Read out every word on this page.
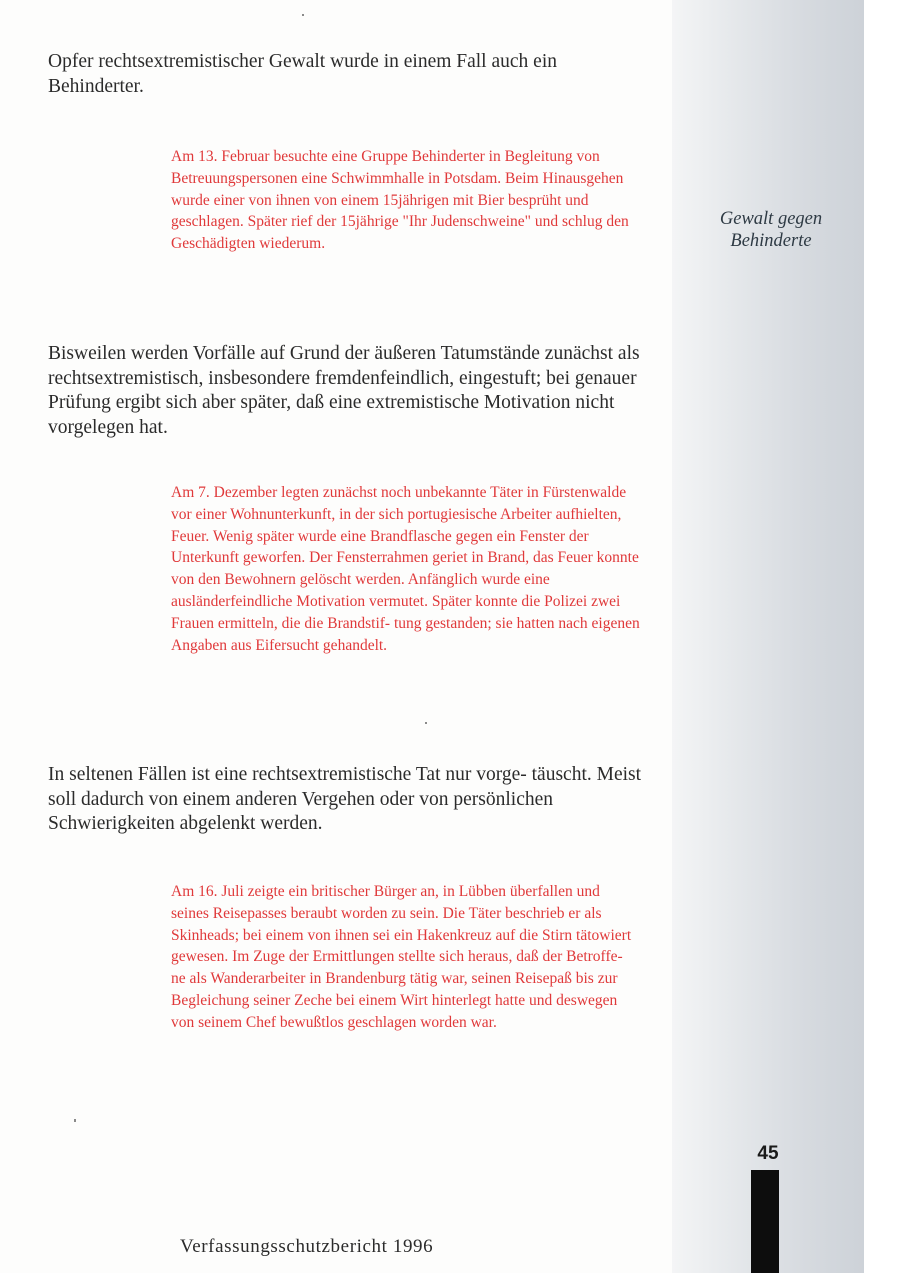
Opfer rechtsextremistischer Gewalt wurde in einem Fall auch ein Behinderter.

Am 13. Februar besuchte eine Gruppe Behinderter in Begleitung von Betreuungspersonen eine Schwimmhalle in Potsdam. Beim Hinausgehen wurde einer von ihnen von einem 15jährigen mit Bier besprüht und geschlagen. Später rief der 15jährige "Ihr Judenschweine" und schlug den Geschädigten wiederum.

Gewalt gegen Behinderte

Bisweilen werden Vorfälle auf Grund der äußeren Tatumstände zunächst als rechtsextremistisch, insbesondere fremdenfeindlich, eingestuft; bei genauer Prüfung ergibt sich aber später, daß eine extremistische Motivation nicht vorgelegen hat.

Am 7. Dezember legten zunächst noch unbekannte Täter in Fürstenwalde vor einer Wohnunterkunft, in der sich portugiesische Arbeiter aufhielten, Feuer. Wenig später wurde eine Brandflasche gegen ein Fenster der Unterkunft geworfen. Der Fensterrahmen geriet in Brand, das Feuer konnte von den Bewohnern gelöscht werden. Anfänglich wurde eine ausländerfeindliche Motivation vermutet. Später konnte die Polizei zwei Frauen ermitteln, die die Brandstif- tung gestanden; sie hatten nach eigenen Angaben aus Eifersucht gehandelt.

In seltenen Fällen ist eine rechtsextremistische Tat nur vorge- täuscht. Meist soll dadurch von einem anderen Vergehen oder von persönlichen Schwierigkeiten abgelenkt werden.

Am 16. Juli zeigte ein britischer Bürger an, in Lübben überfallen und seines Reisepasses beraubt worden zu sein. Die Täter beschrieb er als Skinheads; bei einem von ihnen sei ein Hakenkreuz auf die Stirn tätowiert gewesen. Im Zuge der Ermittlungen stellte sich heraus, daß der Betroffe- ne als Wanderarbeiter in Brandenburg tätig war, seinen Reisepaß bis zur Begleichung seiner Zeche bei einem Wirt hinterlegt hatte und deswegen von seinem Chef bewußtlos geschlagen worden war.

45

Verfassungsschutzbericht 1996
